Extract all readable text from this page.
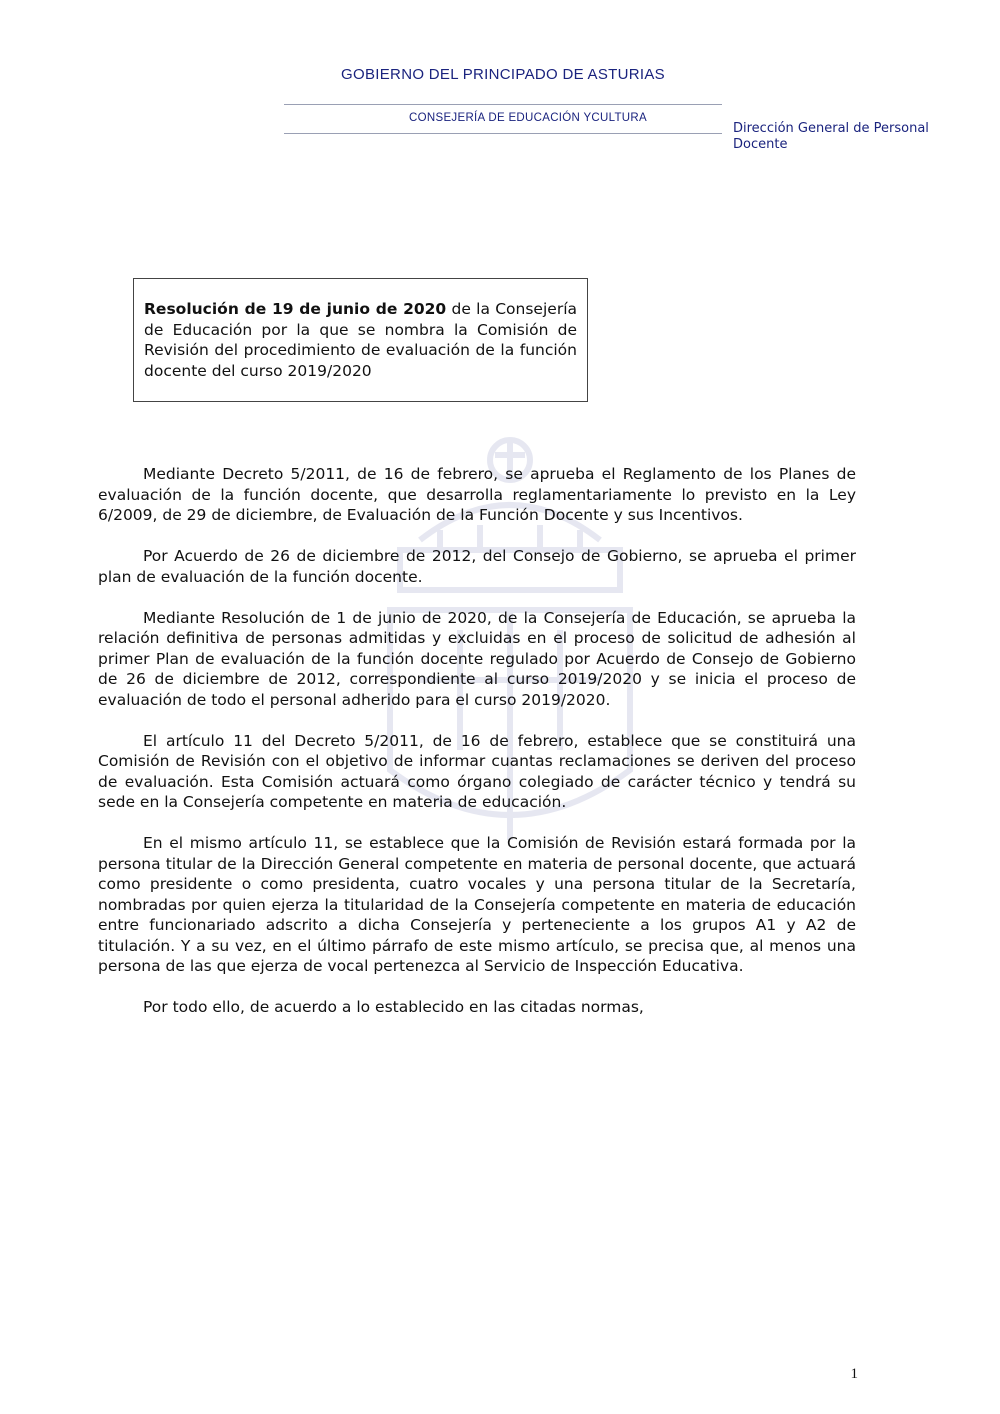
GOBIERNO DEL PRINCIPADO DE ASTURIAS
CONSEJERÍA DE EDUCACIÓN YCULTURA
Dirección General de Personal
Docente
Resolución de 19 de junio de 2020 de la Consejería de Educación por la que se nombra la Comisión de Revisión del procedimiento de evaluación de la función docente del curso 2019/2020

Mediante Decreto 5/2011, de 16 de febrero, se aprueba el Reglamento de los Planes de evaluación de la función docente, que desarrolla reglamentariamente lo previsto en la Ley 6/2009, de 29 de diciembre, de Evaluación de la Función Docente y sus Incentivos.

Por Acuerdo de 26 de diciembre de 2012, del Consejo de Gobierno, se aprueba el primer plan de evaluación de la función docente.

Mediante Resolución de 1 de junio de 2020, de la Consejería de Educación, se aprueba la relación definitiva de personas admitidas y excluidas en el proceso de solicitud de adhesión al primer Plan de evaluación de la función docente regulado por Acuerdo de Consejo de Gobierno de 26 de diciembre de 2012, correspondiente al curso 2019/2020 y se inicia el proceso de evaluación de todo el personal adherido para el curso 2019/2020.

El artículo 11 del Decreto 5/2011, de 16 de febrero, establece que se constituirá una Comisión de Revisión con el objetivo de informar cuantas reclamaciones se deriven del proceso de evaluación. Esta Comisión actuará como órgano colegiado de carácter técnico y tendrá su sede en la Consejería competente en materia de educación.

En el mismo artículo 11, se establece que la Comisión de Revisión estará formada por la persona titular de la Dirección General competente en materia de personal docente, que actuará como presidente o como presidenta, cuatro vocales y una persona titular de la Secretaría, nombradas por quien ejerza la titularidad de la Consejería competente en materia de educación entre funcionariado adscrito a dicha Consejería y perteneciente a los grupos A1 y A2 de titulación. Y a su vez, en el último párrafo de este mismo artículo, se precisa que, al menos una persona de las que ejerza de vocal pertenezca al Servicio de Inspección Educativa.

Por todo ello, de acuerdo a lo establecido en las citadas normas,

1
